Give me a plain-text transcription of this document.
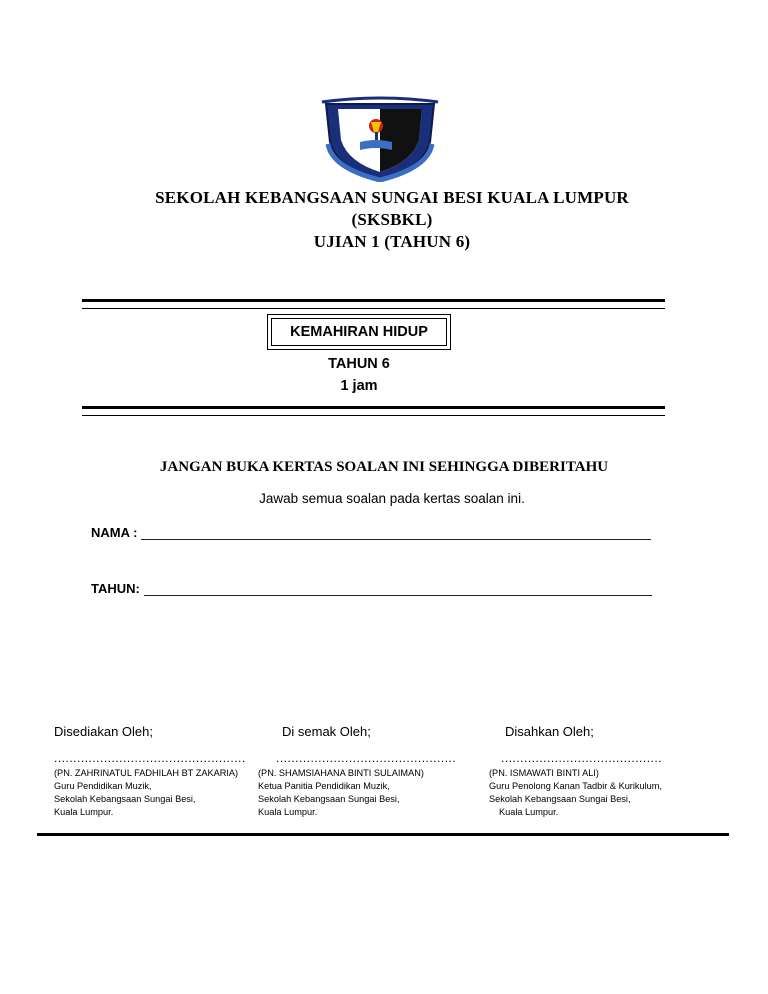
SEKOLAH KEBANGSAAN SUNGAI BESI KUALA LUMPUR
(SKSBKL)
UJIAN 1 (TAHUN 6)
KEMAHIRAN HIDUP
TAHUN 6
1 jam
JANGAN BUKA KERTAS SOALAN INI SEHINGGA DIBERITAHU
Jawab semua soalan pada kertas soalan ini.
NAMA :
TAHUN:
Disediakan Oleh;
..................................................
(PN. ZAHRINATUL FADHILAH BT ZAKARIA)
Guru Pendidikan Muzik,
Sekolah Kebangsaan Sungai Besi,
Kuala Lumpur.
Di semak Oleh;
...............................................
(PN. SHAMSIAHANA BINTI SULAIMAN)
Ketua Panitia Pendidikan Muzik,
Sekolah Kebangsaan Sungai Besi,
Kuala Lumpur.
Disahkan Oleh;
..........................................
(PN. ISMAWATI BINTI ALI)
Guru Penolong Kanan Tadbir & Kurikulum,
Sekolah Kebangsaan Sungai Besi,
Kuala Lumpur.
